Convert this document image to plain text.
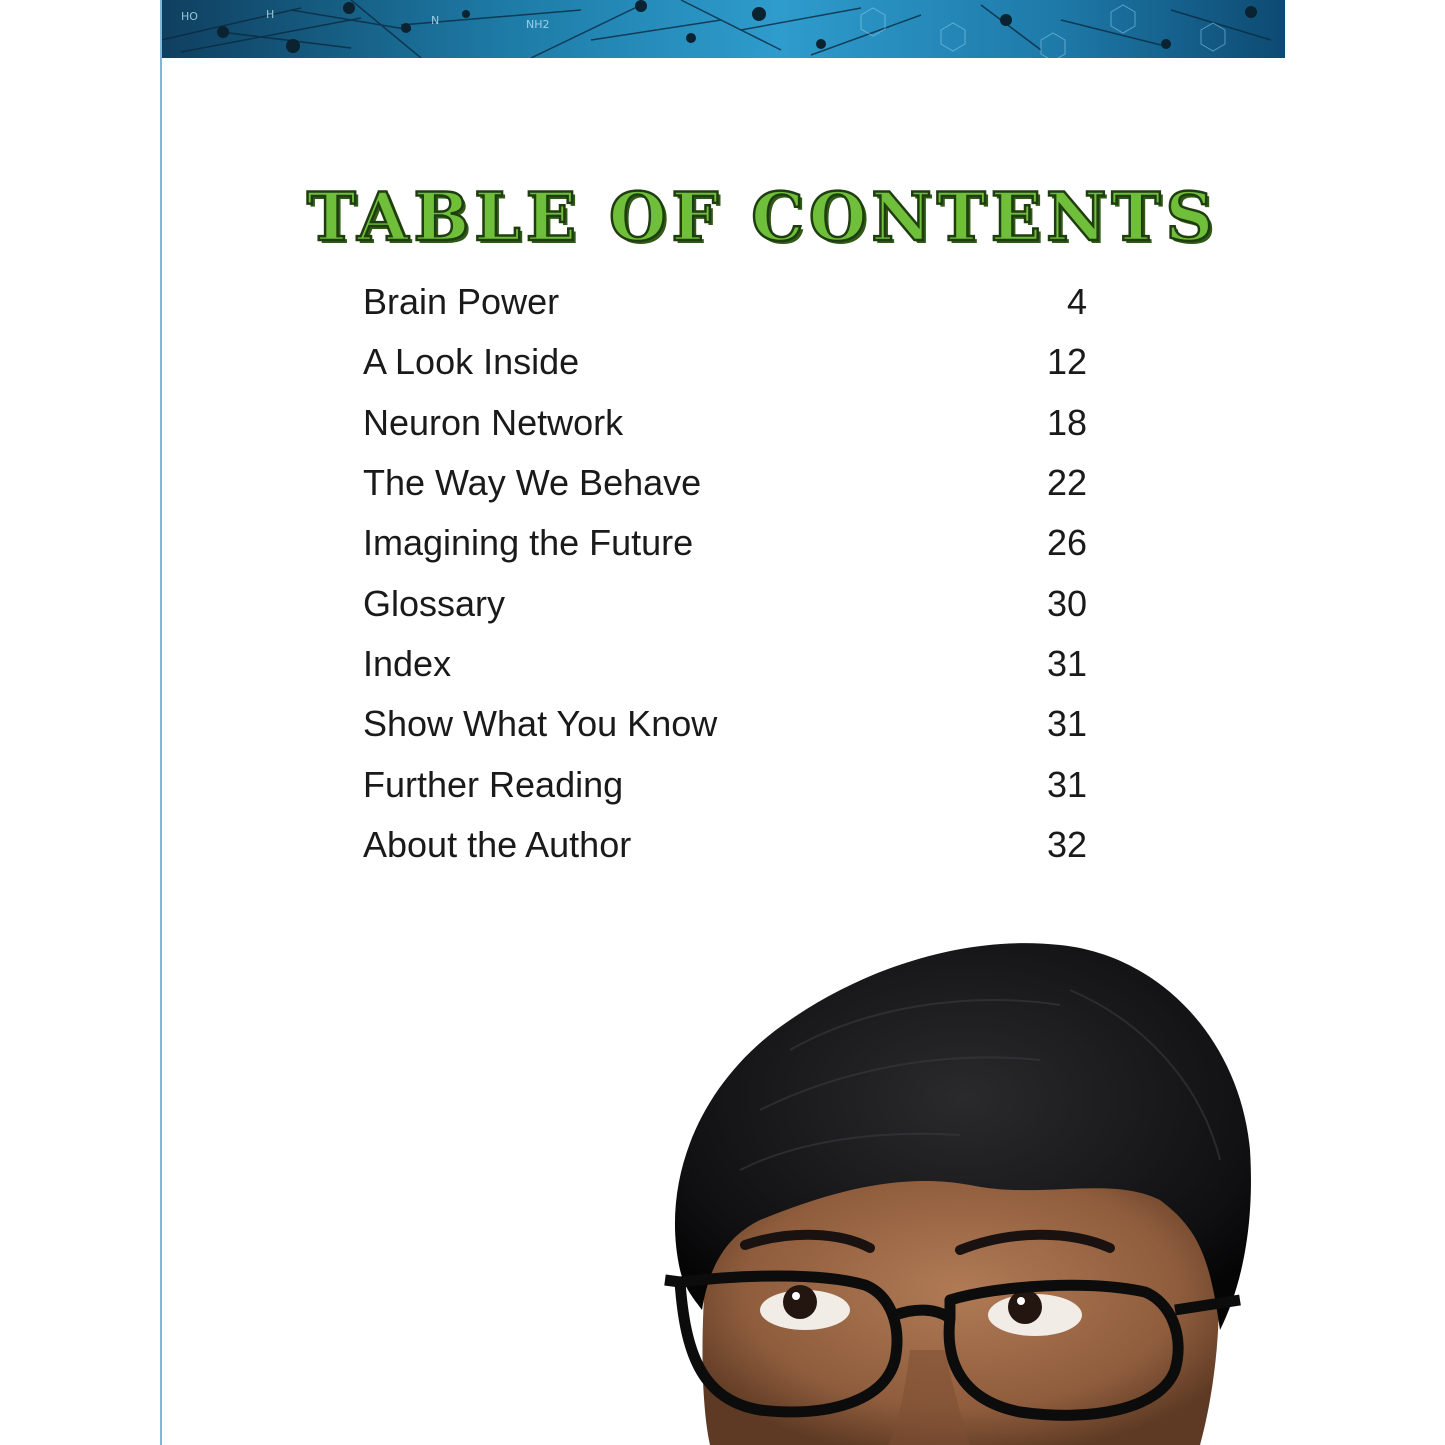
NH2
N
H
HO
TABLE OF CONTENTS
Brain Power	4
A Look Inside	12
Neuron Network	18
The Way We Behave	22
Imagining the Future	26
Glossary	30
Index	31
Show What You Know	31
Further Reading	31
About the Author	32
